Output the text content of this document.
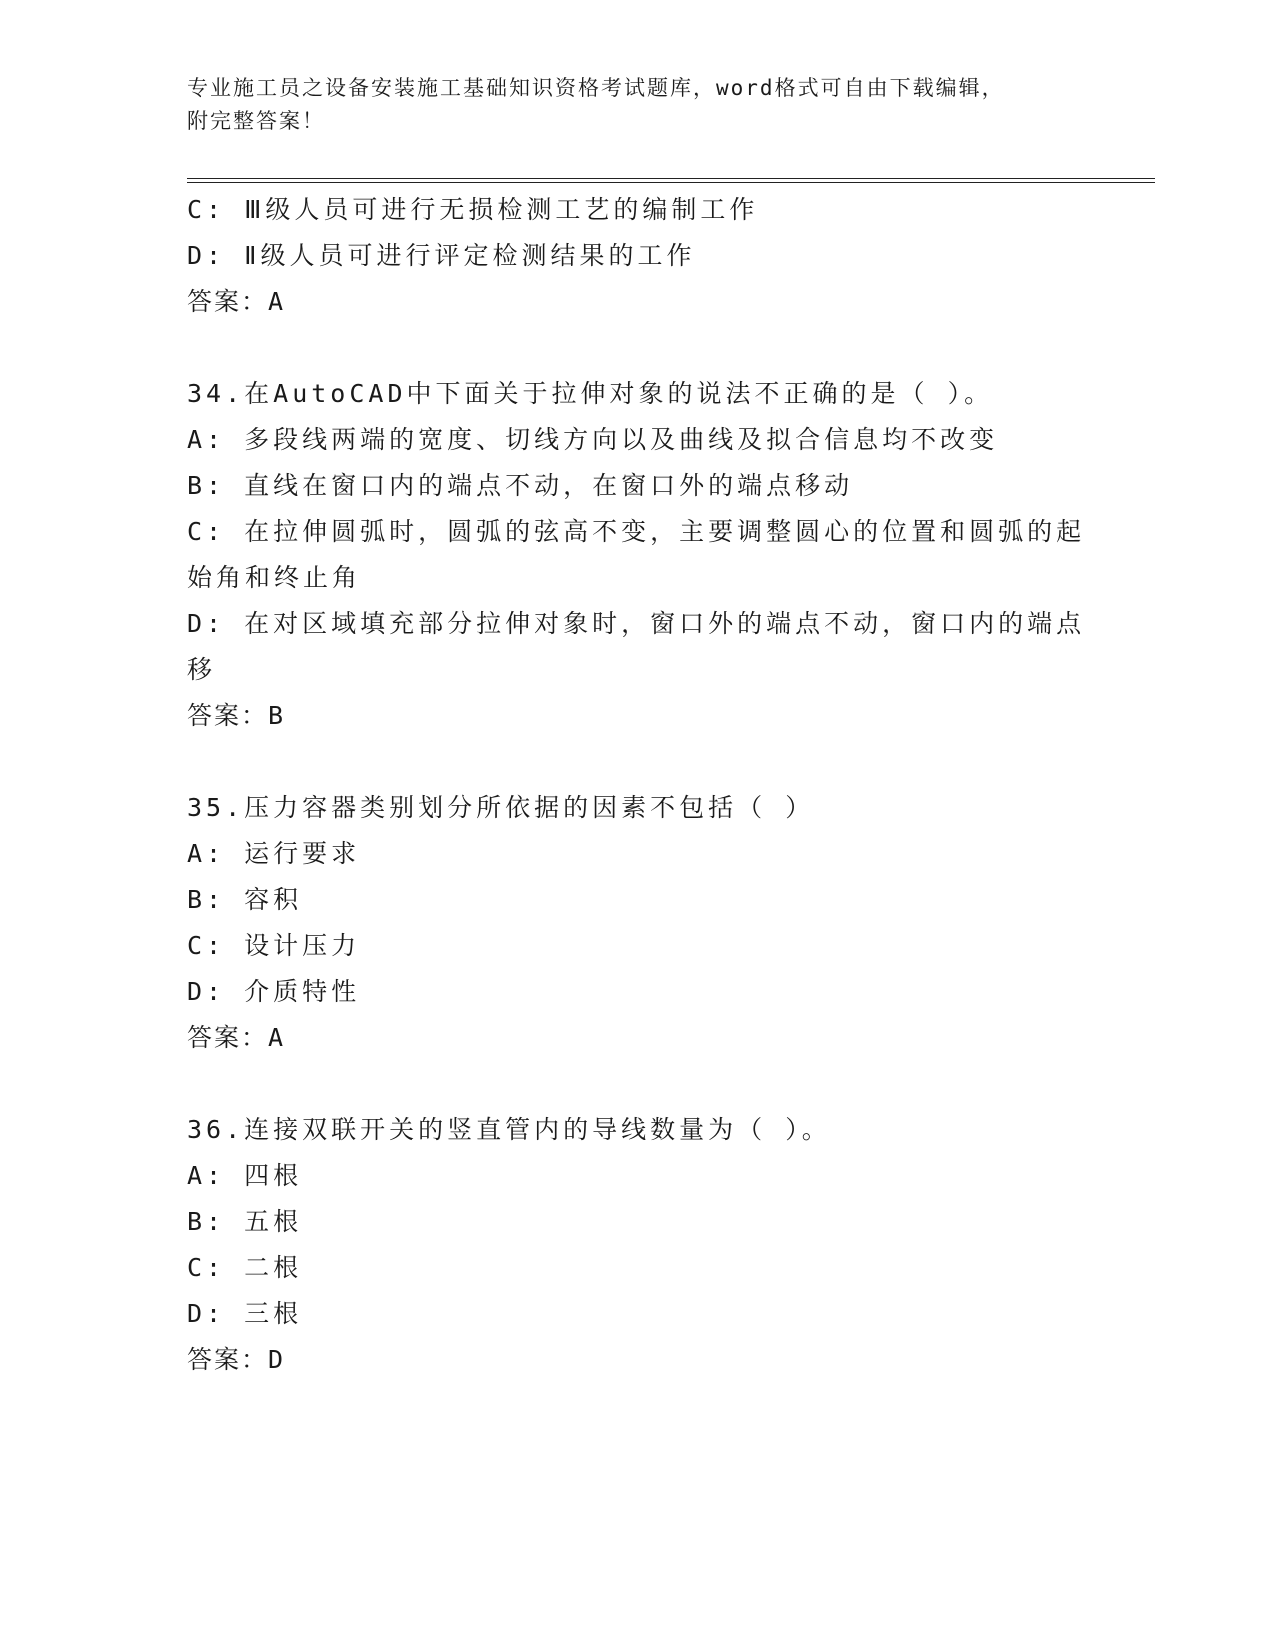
专业施工员之设备安装施工基础知识资格考试题库，word格式可自由下载编辑，
附完整答案！

C: Ⅲ级人员可进行无损检测工艺的编制工作

D: Ⅱ级人员可进行评定检测结果的工作

答案：A

34.在AutoCAD中下面关于拉伸对象的说法不正确的是（ ）。

A: 多段线两端的宽度、切线方向以及曲线及拟合信息均不改变

B: 直线在窗口内的端点不动，在窗口外的端点移动

C: 在拉伸圆弧时，圆弧的弦高不变，主要调整圆心的位置和圆弧的起

始角和终止角

D: 在对区域填充部分拉伸对象时，窗口外的端点不动，窗口内的端点

移

答案：B

35.压力容器类别划分所依据的因素不包括（ ）

A: 运行要求

B: 容积

C: 设计压力

D: 介质特性

答案：A

36.连接双联开关的竖直管内的导线数量为（ ）。

A: 四根

B: 五根

C: 二根

D: 三根

答案：D
